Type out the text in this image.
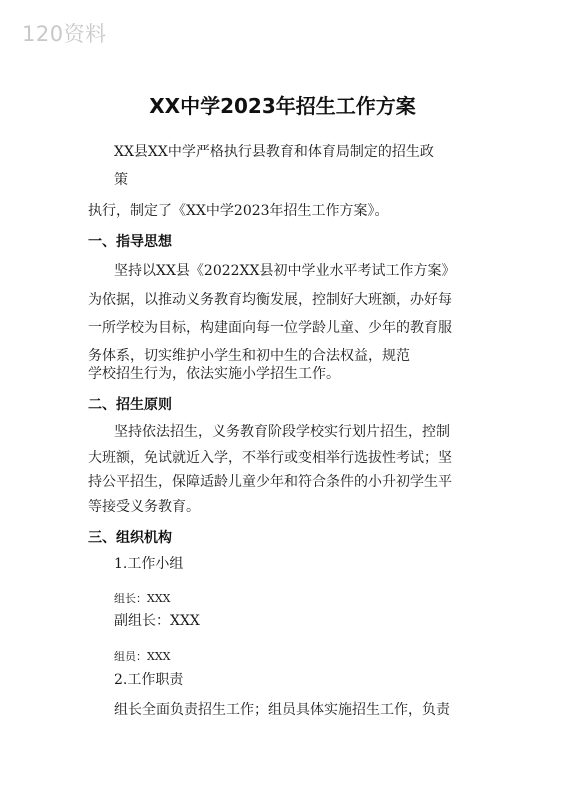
120资料
XX中学2023年招生工作方案
XX县XX中学严格执行县教育和体育局制定的招生政
策
执行，制定了《XX中学2023年招生工作方案》。
一、指导思想
坚持以XX县《2022XX县初中学业水平考试工作方案》
为依据，以推动义务教育均衡发展，控制好大班额，办好每
一所学校为目标，构建面向每一位学龄儿童、少年的教育服
务体系，切实维护小学生和初中生的合法权益，规范
学校招生行为，依法实施小学招生工作。
二、招生原则
坚持依法招生，义务教育阶段学校实行划片招生，控制
大班额，免试就近入学，不举行或变相举行选拔性考试；坚
持公平招生，保障适龄儿童少年和符合条件的小升初学生平
等接受义务教育。
三、组织机构
1.工作小组
组长：XXX
副组长：XXX
组员：XXX
2.工作职责
组长全面负责招生工作；组员具体实施招生工作，负责
